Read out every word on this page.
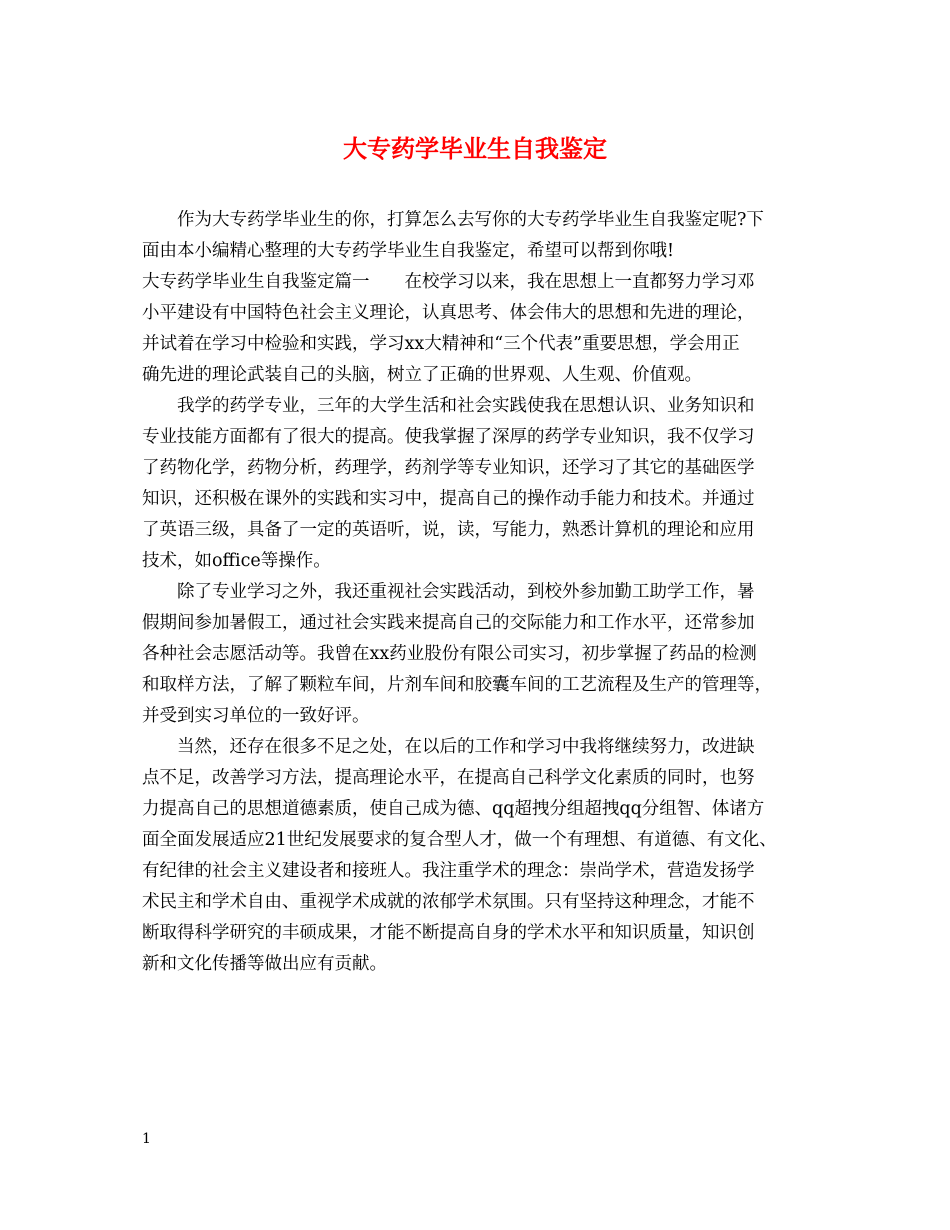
大专药学毕业生自我鉴定
作为大专药学毕业生的你，打算怎么去写你的大专药学毕业生自我鉴定呢?下
面由本小编精心整理的大专药学毕业生自我鉴定，希望可以帮到你哦!
大专药学毕业生自我鉴定篇一　　在校学习以来，我在思想上一直都努力学习邓
小平建设有中国特色社会主义理论，认真思考、体会伟大的思想和先进的理论，
并试着在学习中检验和实践，学习xx大精神和“三个代表”重要思想，学会用正
确先进的理论武装自己的头脑，树立了正确的世界观、人生观、价值观。
我学的药学专业，三年的大学生活和社会实践使我在思想认识、业务知识和
专业技能方面都有了很大的提高。使我掌握了深厚的药学专业知识，我不仅学习
了药物化学，药物分析，药理学，药剂学等专业知识，还学习了其它的基础医学
知识，还积极在课外的实践和实习中，提高自己的操作动手能力和技术。并通过
了英语三级，具备了一定的英语听，说，读，写能力，熟悉计算机的理论和应用
技术，如office等操作。
除了专业学习之外，我还重视社会实践活动，到校外参加勤工助学工作，暑
假期间参加暑假工，通过社会实践来提高自己的交际能力和工作水平，还常参加
各种社会志愿活动等。我曾在xx药业股份有限公司实习，初步掌握了药品的检测
和取样方法，了解了颗粒车间，片剂车间和胶囊车间的工艺流程及生产的管理等，
并受到实习单位的一致好评。
当然，还存在很多不足之处，在以后的工作和学习中我将继续努力，改进缺
点不足，改善学习方法，提高理论水平，在提高自己科学文化素质的同时，也努
力提高自己的思想道德素质，使自己成为德、qq超拽分组超拽qq分组智、体诸方
面全面发展适应21世纪发展要求的复合型人才，做一个有理想、有道德、有文化、
有纪律的社会主义建设者和接班人。我注重学术的理念：崇尚学术，营造发扬学
术民主和学术自由、重视学术成就的浓郁学术氛围。只有坚持这种理念，才能不
断取得科学研究的丰硕成果，才能不断提高自身的学术水平和知识质量，知识创
新和文化传播等做出应有贡献。
1
